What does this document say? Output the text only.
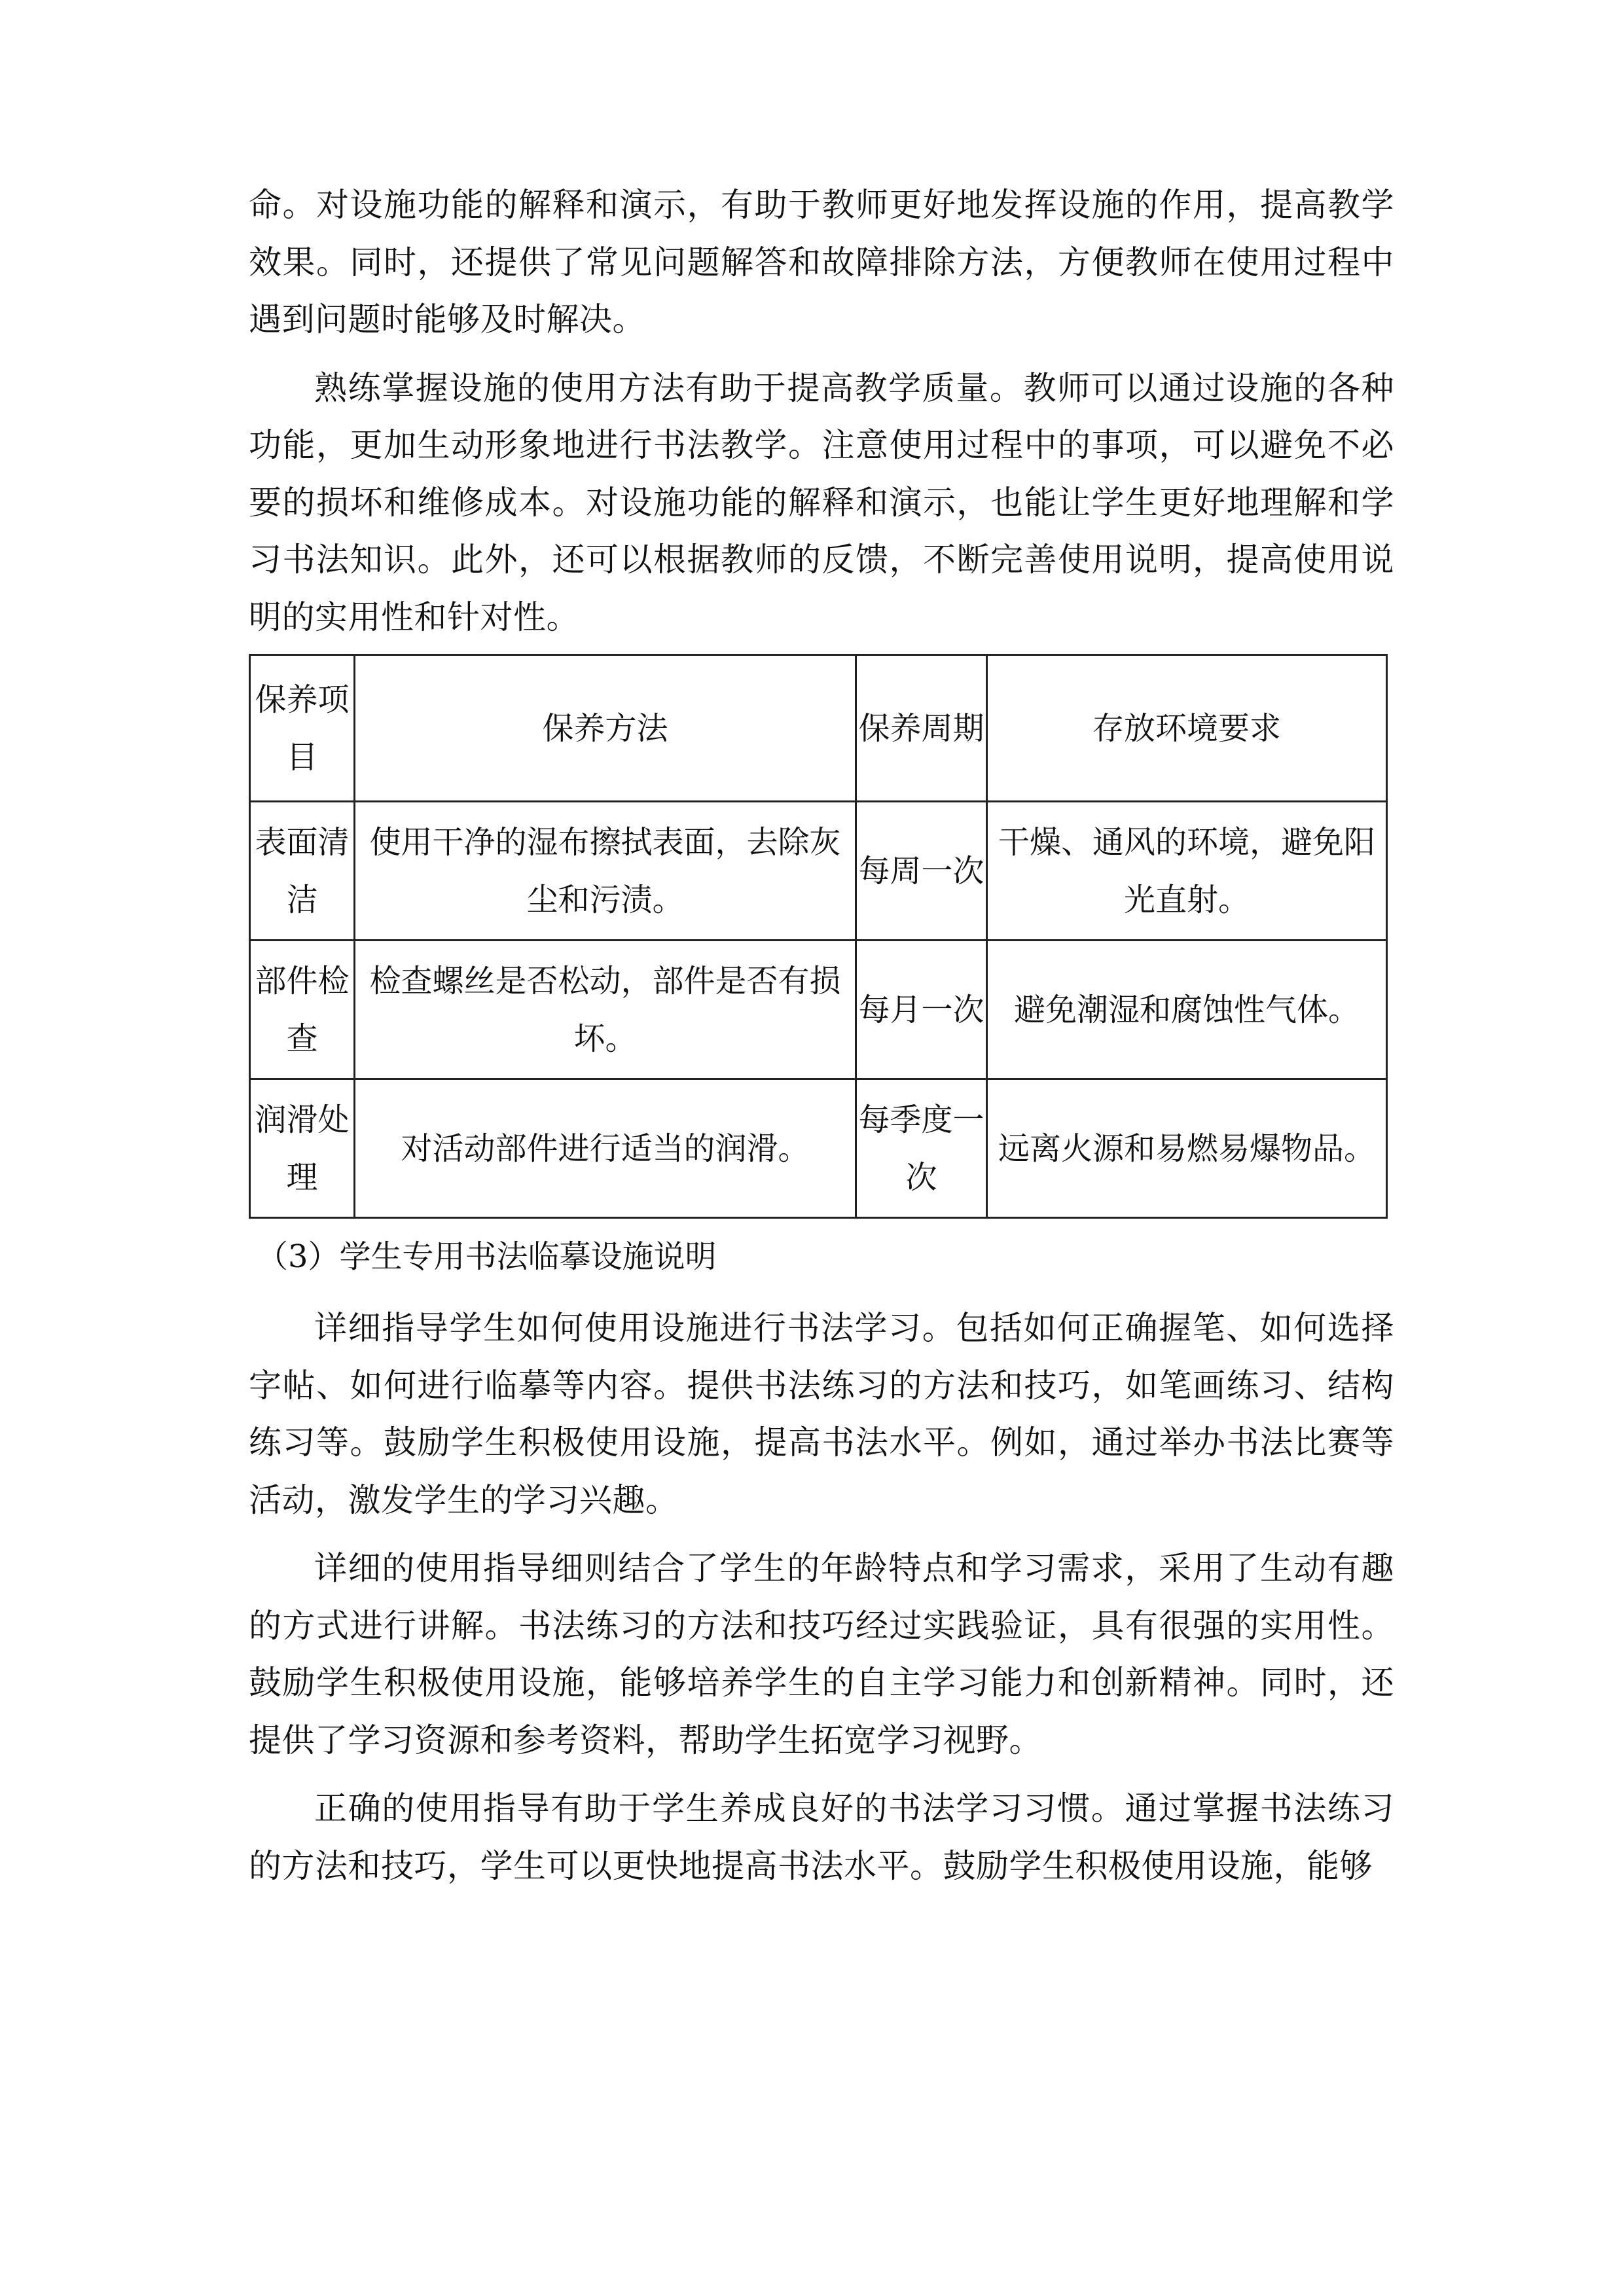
命。对设施功能的解释和演示，有助于教师更好地发挥设施的作用，提高教学效果。同时，还提供了常见问题解答和故障排除方法，方便教师在使用过程中遇到问题时能够及时解决。

熟练掌握设施的使用方法有助于提高教学质量。教师可以通过设施的各种功能，更加生动形象地进行书法教学。注意使用过程中的事项，可以避免不必要的损坏和维修成本。对设施功能的解释和演示，也能让学生更好地理解和学习书法知识。此外，还可以根据教师的反馈，不断完善使用说明，提高使用说明的实用性和针对性。

保养项目	保养方法	保养周期	存放环境要求
表面清洁	使用干净的湿布擦拭表面，去除灰尘和污渍。	每周一次	干燥、通风的环境，避免阳光直射。
部件检查	检查螺丝是否松动，部件是否有损坏。	每月一次	避免潮湿和腐蚀性气体。
润滑处理	对活动部件进行适当的润滑。	每季度一次	远离火源和易燃易爆物品。

（3）学生专用书法临摹设施说明

详细指导学生如何使用设施进行书法学习。包括如何正确握笔、如何选择字帖、如何进行临摹等内容。提供书法练习的方法和技巧，如笔画练习、结构练习等。鼓励学生积极使用设施，提高书法水平。例如，通过举办书法比赛等活动，激发学生的学习兴趣。

详细的使用指导细则结合了学生的年龄特点和学习需求，采用了生动有趣的方式进行讲解。书法练习的方法和技巧经过实践验证，具有很强的实用性。鼓励学生积极使用设施，能够培养学生的自主学习能力和创新精神。同时，还提供了学习资源和参考资料，帮助学生拓宽学习视野。

正确的使用指导有助于学生养成良好的书法学习习惯。通过掌握书法练习的方法和技巧，学生可以更快地提高书法水平。鼓励学生积极使用设施，能够
